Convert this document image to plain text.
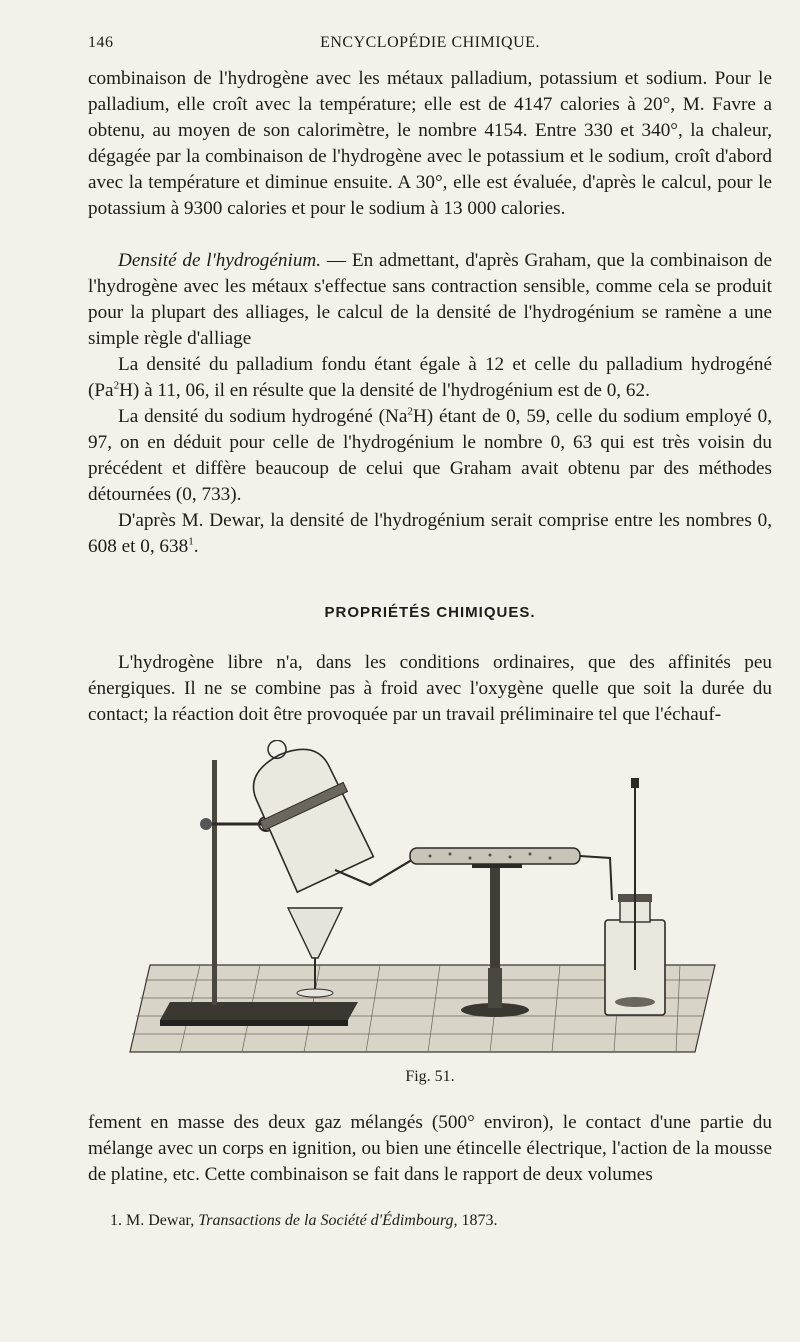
146	ENCYCLOPÉDIE CHIMIQUE.

combinaison de l'hydrogène avec les métaux palladium, potassium et sodium. Pour le palladium, elle croît avec la température; elle est de 4147 calories à 20°, M. Favre a obtenu, au moyen de son calorimètre, le nombre 4154. Entre 330 et 340°, la chaleur, dégagée par la combinaison de l'hydrogène avec le potassium et le sodium, croît d'abord avec la température et diminue ensuite. A 30°, elle est évaluée, d'après le calcul, pour le potassium à 9300 calories et pour le sodium à 13 000 calories.

Densité de l'hydrogénium. — En admettant, d'après Graham, que la combinaison de l'hydrogène avec les métaux s'effectue sans contraction sensible, comme cela se produit pour la plupart des alliages, le calcul de la densité de l'hydrogénium se ramène a une simple règle d'alliage

La densité du palladium fondu étant égale à 12 et celle du palladium hydrogéné (Pa$^2$H) à 11, 06, il en résulte que la densité de l'hydrogénium est de 0, 62.

La densité du sodium hydrogéné (Na$^2$H) étant de 0, 59, celle du sodium employé 0, 97, on en déduit pour celle de l'hydrogénium le nombre 0, 63 qui est très voisin du précédent et diffère beaucoup de celui que Graham avait obtenu par des méthodes détournées (0, 733).

D'après M. Dewar, la densité de l'hydrogénium serait comprise entre les nombres 0, 608 et 0, $638^1$.

PROPRIÉTÉS CHIMIQUES.

L'hydrogène libre n'a, dans les conditions ordinaires, que des affinités peu énergiques. Il ne se combine pas à froid avec l'oxygène quelle que soit la durée du contact; la réaction doit être provoquée par un travail préliminaire tel que l'échauf-

Fig. 51.

fement en masse des deux gaz mélangés (500° environ), le contact d'une partie du mélange avec un corps en ignition, ou bien une étincelle électrique, l'action de la mousse de platine, etc. Cette combinaison se fait dans le rapport de deux volumes

1. M. Dewar, Transactions de la Société d'Édimbourg, 1873.
